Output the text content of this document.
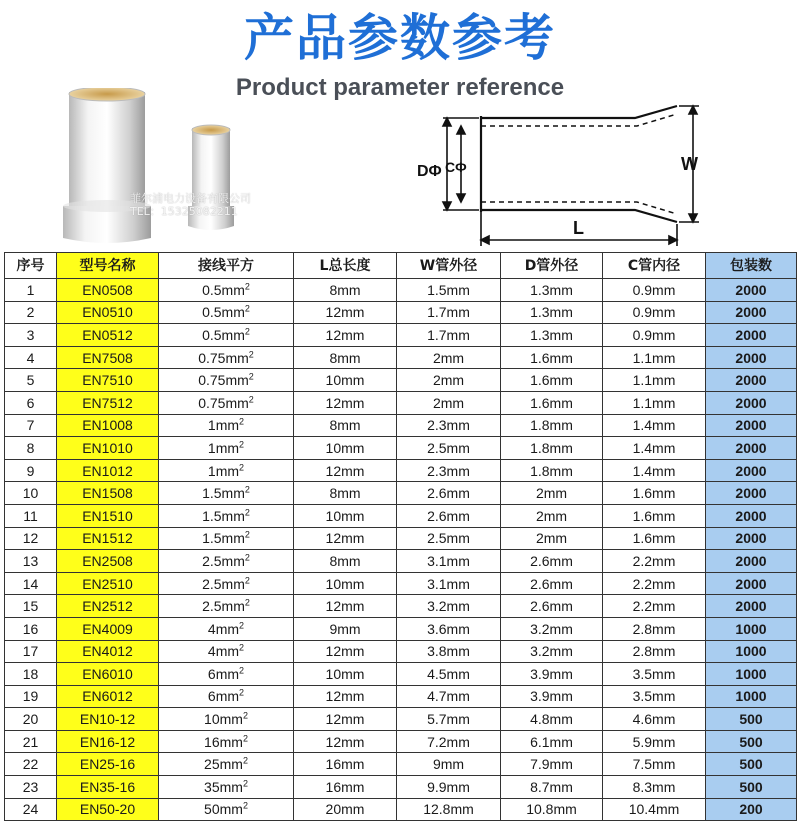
产品参数参考
Product parameter reference
菲尔浦电力设备有限公司
TEL：15325082211
DΦ CΦ	W
L
序号	型号名称	接线平方	L总长度	W管外径	D管外径	C管内径	包装数
1	EN0508	$0.5mm^2$	8mm	1.5mm	1.3mm	0.9mm	2000
2	EN0510	$0.5mm^2$	12mm	1.7mm	1.3mm	0.9mm	2000
3	EN0512	$0.5mm^2$	12mm	1.7mm	1.3mm	0.9mm	2000
4	EN7508	$0.75mm^2$	8mm	2mm	1.6mm	1.1mm	2000
5	EN7510	$0.75mm^2$	10mm	2mm	1.6mm	1.1mm	2000
6	EN7512	$0.75mm^2$	12mm	2mm	1.6mm	1.1mm	2000
7	EN1008	$1mm^2$	8mm	2.3mm	1.8mm	1.4mm	2000
8	EN1010	$1mm^2$	10mm	2.5mm	1.8mm	1.4mm	2000
9	EN1012	$1mm^2$	12mm	2.3mm	1.8mm	1.4mm	2000
10	EN1508	$1.5mm^2$	8mm	2.6mm	2mm	1.6mm	2000
11	EN1510	$1.5mm^2$	10mm	2.6mm	2mm	1.6mm	2000
12	EN1512	$1.5mm^2$	12mm	2.5mm	2mm	1.6mm	2000
13	EN2508	$2.5mm^2$	8mm	3.1mm	2.6mm	2.2mm	2000
14	EN2510	$2.5mm^2$	10mm	3.1mm	2.6mm	2.2mm	2000
15	EN2512	$2.5mm^2$	12mm	3.2mm	2.6mm	2.2mm	2000
16	EN4009	$4mm^2$	9mm	3.6mm	3.2mm	2.8mm	1000
17	EN4012	$4mm^2$	12mm	3.8mm	3.2mm	2.8mm	1000
18	EN6010	$6mm^2$	10mm	4.5mm	3.9mm	3.5mm	1000
19	EN6012	$6mm^2$	12mm	4.7mm	3.9mm	3.5mm	1000
20	EN10-12	$10mm^2$	12mm	5.7mm	4.8mm	4.6mm	500
21	EN16-12	$16mm^2$	12mm	7.2mm	6.1mm	5.9mm	500
22	EN25-16	$25mm^2$	16mm	9mm	7.9mm	7.5mm	500
23	EN35-16	$35mm^2$	16mm	9.9mm	8.7mm	8.3mm	500
24	EN50-20	$50mm^2$	20mm	12.8mm	10.8mm	10.4mm	200
